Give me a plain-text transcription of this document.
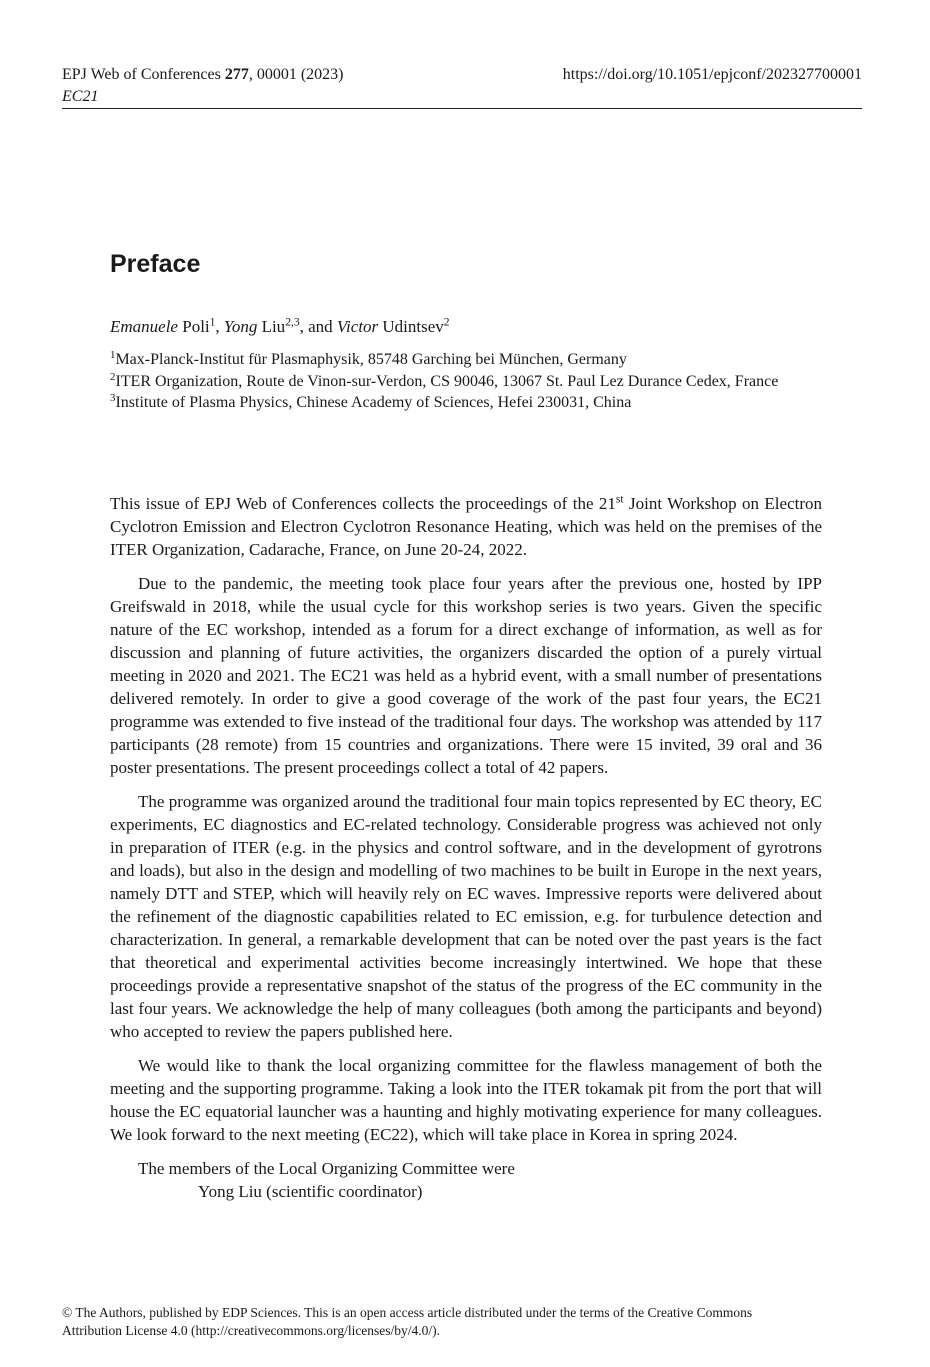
EPJ Web of Conferences 277, 00001 (2023)
EC21
https://doi.org/10.1051/epjconf/202327700001
Preface
Emanuele Poli$^1$, Yong Liu$^{2,3}$, and Victor Udintsev$^2$

$^1$Max-Planck-Institut für Plasmaphysik, 85748 Garching bei München, Germany

$^2$ITER Organization, Route de Vinon-sur-Verdon, CS 90046, 13067 St. Paul Lez Durance Cedex, France

$^3$Institute of Plasma Physics, Chinese Academy of Sciences, Hefei 230031, China

This issue of EPJ Web of Conferences collects the proceedings of the 21st Joint Workshop on Electron Cyclotron Emission and Electron Cyclotron Resonance Heating, which was held on the premises of the ITER Organization, Cadarache, France, on June 20-24, 2022.

Due to the pandemic, the meeting took place four years after the previous one, hosted by IPP Greifswald in 2018, while the usual cycle for this workshop series is two years. Given the specific nature of the EC workshop, intended as a forum for a direct exchange of information, as well as for discussion and planning of future activities, the organizers discarded the option of a purely virtual meeting in 2020 and 2021. The EC21 was held as a hybrid event, with a small number of presentations delivered remotely. In order to give a good coverage of the work of the past four years, the EC21 programme was extended to five instead of the traditional four days. The workshop was attended by 117 participants (28 remote) from 15 countries and organizations. There were 15 invited, 39 oral and 36 poster presentations. The present proceedings collect a total of 42 papers.

The programme was organized around the traditional four main topics represented by EC theory, EC experiments, EC diagnostics and EC-related technology. Considerable progress was achieved not only in preparation of ITER (e.g. in the physics and control software, and in the development of gyrotrons and loads), but also in the design and modelling of two machines to be built in Europe in the next years, namely DTT and STEP, which will heavily rely on EC waves. Impressive reports were delivered about the refinement of the diagnostic capabilities related to EC emission, e.g. for turbulence detection and characterization. In general, a remarkable development that can be noted over the past years is the fact that theoretical and experimental activities become increasingly intertwined. We hope that these proceedings provide a representative snapshot of the status of the progress of the EC community in the last four years. We acknowledge the help of many colleagues (both among the participants and beyond) who accepted to review the papers published here.

We would like to thank the local organizing committee for the flawless management of both the meeting and the supporting programme. Taking a look into the ITER tokamak pit from the port that will house the EC equatorial launcher was a haunting and highly motivating experience for many colleagues. We look forward to the next meeting (EC22), which will take place in Korea in spring 2024.

The members of the Local Organizing Committee were
Yong Liu (scientific coordinator)
© The Authors, published by EDP Sciences. This is an open access article distributed under the terms of the Creative Commons
Attribution License 4.0 (http://creativecommons.org/licenses/by/4.0/).
